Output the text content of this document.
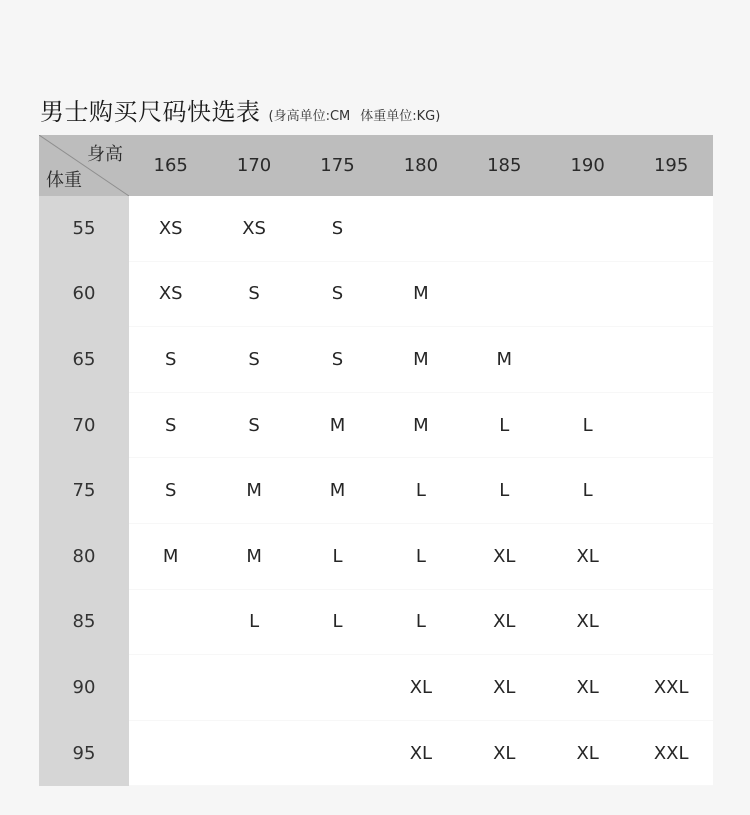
男士购买尺码快选表 (身高单位:CM 体重单位:KG)
身高
体重	165	170	175	180	185	190	195
55	XS	XS	S				
60	XS	S	S	M			
65	S	S	S	M	M		
70	S	S	M	M	L	L	
75	S	M	M	L	L	L	
80	M	M	L	L	XL	XL	
85		L	L	L	XL	XL	
90				XL	XL	XL	XXL
95				XL	XL	XL	XXL
